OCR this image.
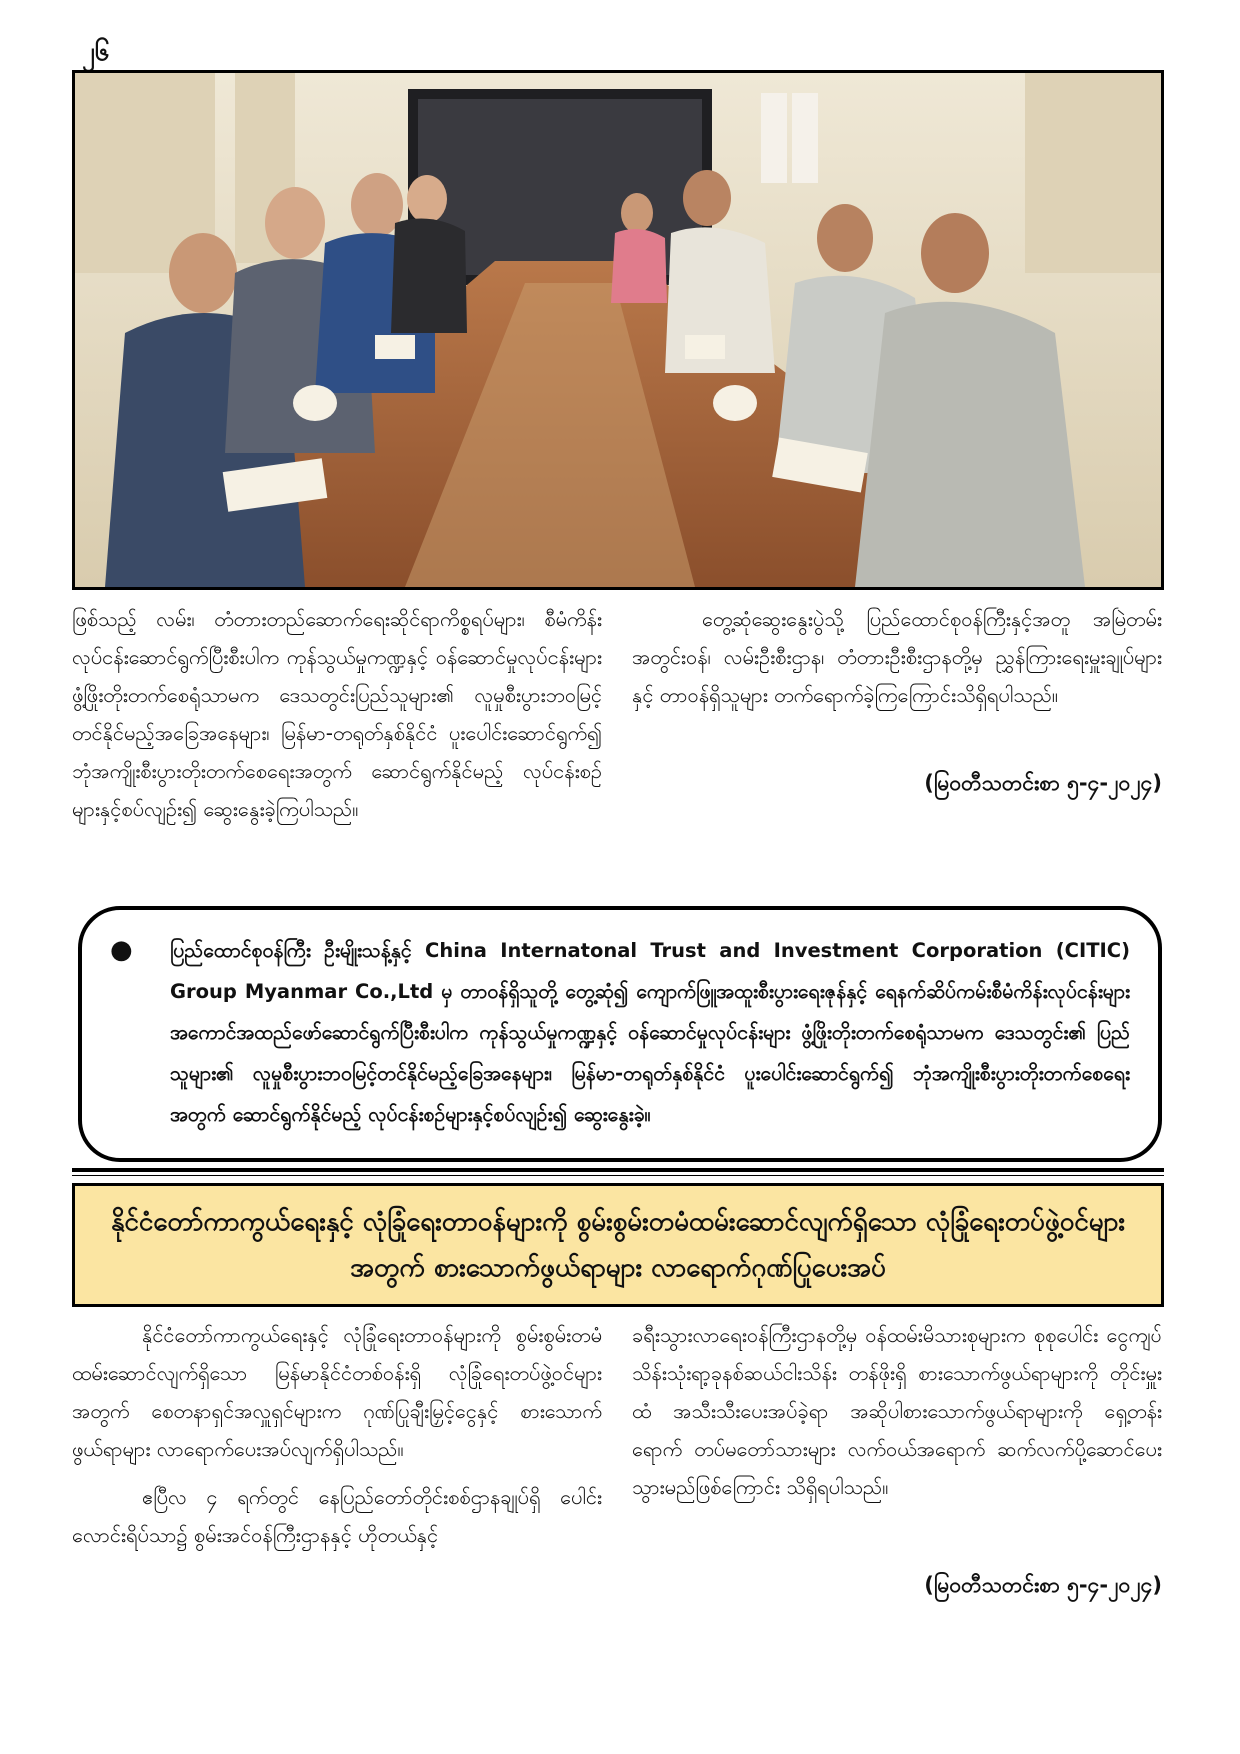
၂၆

ဖြစ်သည့် လမ်း၊ တံတားတည်ဆောက်ရေးဆိုင်ရာကိစ္စရပ်များ၊ စီမံကိန်းလုပ်ငန်းဆောင်ရွက်ပြီးစီးပါက ကုန်သွယ်မှုကဏ္ဍနှင့် ဝန်ဆောင်မှုလုပ်ငန်းများ ဖွံ့ဖြိုးတိုးတက်စေရုံသာမက ဒေသတွင်းပြည်သူများ၏ လူမှုစီးပွားဘဝမြင့်တင်နိုင်မည့်အခြေအနေများ၊ မြန်မာ-တရုတ်နှစ်နိုင်ငံ ပူးပေါင်းဆောင်ရွက်၍ ဘုံအကျိုးစီးပွားတိုးတက်စေရေးအတွက် ဆောင်ရွက်နိုင်မည့် လုပ်ငန်းစဉ်များနှင့်စပ်လျဉ်း၍ ဆွေးနွေးခဲ့ကြပါသည်။

တွေ့ဆုံဆွေးနွေးပွဲသို့ ပြည်ထောင်စုဝန်ကြီးနှင့်အတူ အမြဲတမ်းအတွင်းဝန်၊ လမ်းဦးစီးဌာန၊ တံတားဦးစီးဌာနတို့မှ ညွှန်ကြားရေးမှူးချုပ်များနှင့် တာဝန်ရှိသူများ တက်ရောက်ခဲ့ကြကြောင်းသိရှိရပါသည်။

(မြဝတီသတင်းစာ ၅-၄-၂၀၂၄)
●	ပြည်ထောင်စုဝန်ကြီး ဦးမျိုးသန့်နှင့် China Internatonal Trust and Investment Corporation (CITIC) Group Myanmar Co.,Ltd မှ တာဝန်ရှိသူတို့ တွေ့ဆုံ၍ ကျောက်ဖြူအထူးစီးပွားရေးဇုန်နှင့် ရေနက်ဆိပ်ကမ်းစီမံကိန်းလုပ်ငန်းများ အကောင်အထည်ဖော်ဆောင်ရွက်ပြီးစီးပါက ကုန်သွယ်မှုကဏ္ဍနှင့် ဝန်ဆောင်မှုလုပ်ငန်းများ ဖွံ့ဖြိုးတိုးတက်စေရုံသာမက ဒေသတွင်း၏ ပြည်သူများ၏ လူမှုစီးပွားဘဝမြင့်တင်နိုင်မည့်ခြေအနေများ၊ မြန်မာ-တရုတ်နှစ်နိုင်ငံ ပူးပေါင်းဆောင်ရွက်၍ ဘုံအကျိုးစီးပွားတိုးတက်စေရေးအတွက် ဆောင်ရွက်နိုင်မည့် လုပ်ငန်းစဉ်များနှင့်စပ်လျဉ်း၍ ဆွေးနွေးခဲ့။

နိုင်ငံတော်ကာကွယ်ရေးနှင့် လုံခြုံရေးတာဝန်များကို စွမ်းစွမ်းတမံထမ်းဆောင်လျက်ရှိသော လုံခြုံရေးတပ်ဖွဲ့ဝင်များအတွက် စားသောက်ဖွယ်ရာများ လာရောက်ဂုဏ်ပြုပေးအပ်

နိုင်ငံတော်ကာကွယ်ရေးနှင့် လုံခြုံရေးတာဝန်များကို စွမ်းစွမ်းတမံထမ်းဆောင်လျက်ရှိသော မြန်မာနိုင်ငံတစ်ဝန်းရှိ လုံခြုံရေးတပ်ဖွဲ့ဝင်များအတွက် စေတနာရှင်အလှူရှင်များက ဂုဏ်ပြုချီးမြှင့်ငွေနှင့် စားသောက်ဖွယ်ရာများ လာရောက်ပေးအပ်လျက်ရှိပါသည်။

ဧပြီလ ၄ ရက်တွင် နေပြည်တော်တိုင်းစစ်ဌာနချုပ်ရှိ ပေါင်းလောင်းရိပ်သာ၌ စွမ်းအင်ဝန်ကြီးဌာနနှင့် ဟိုတယ်နှင့်

ခရီးသွားလာရေးဝန်ကြီးဌာနတို့မှ ဝန်ထမ်းမိသားစုများက စုစုပေါင်း ငွေကျပ် သိန်းသုံးရာ့ခုနစ်ဆယ်ငါးသိန်း တန်ဖိုးရှိ စားသောက်ဖွယ်ရာများကို တိုင်းမှူးထံ အသီးသီးပေးအပ်ခဲ့ရာ အဆိုပါစားသောက်ဖွယ်ရာများကို ရှေ့တန်းရောက် တပ်မတော်သားများ လက်ဝယ်အရောက် ဆက်လက်ပို့ဆောင်ပေးသွားမည်ဖြစ်ကြောင်း သိရှိရပါသည်။

(မြဝတီသတင်းစာ ၅-၄-၂၀၂၄)
